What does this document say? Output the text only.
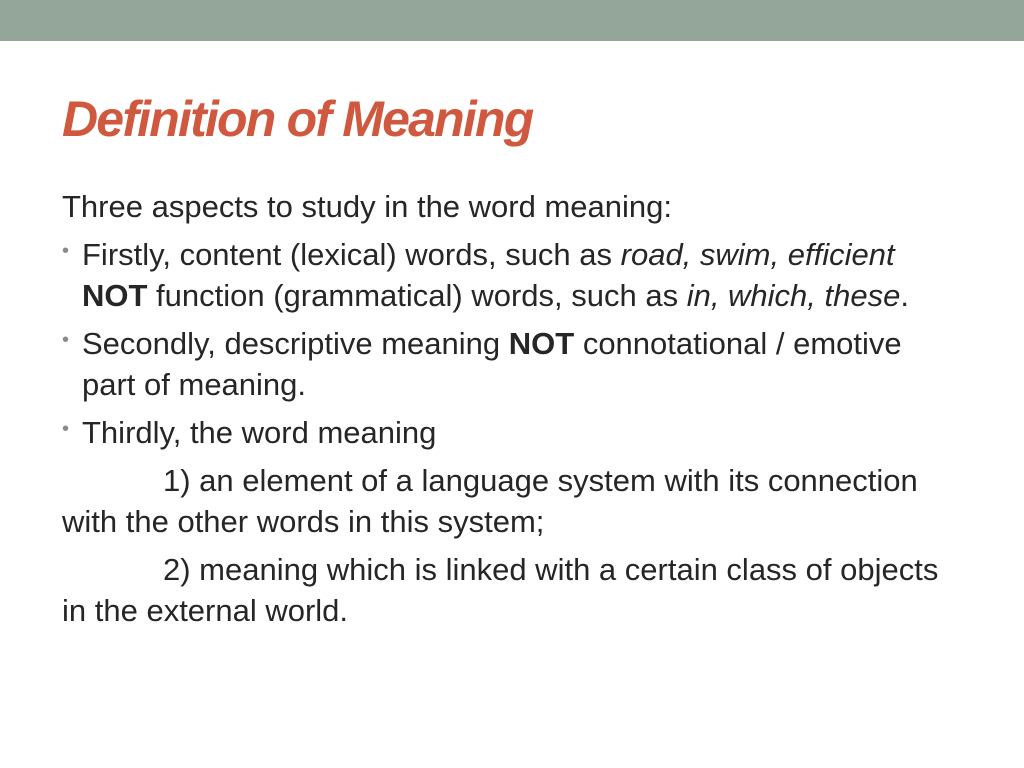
Definition of Meaning

Three aspects to study in the word meaning:

• Firstly, content (lexical) words, such as road, swim, efficient NOT function (grammatical) words, such as in, which, these.
• Secondly, descriptive meaning NOT connotational / emotive part of meaning.
• Thirdly, the word meaning

1) an element of a language system with its connection with the other words in this system;

2) meaning which is linked with a certain class of objects in the external world.
